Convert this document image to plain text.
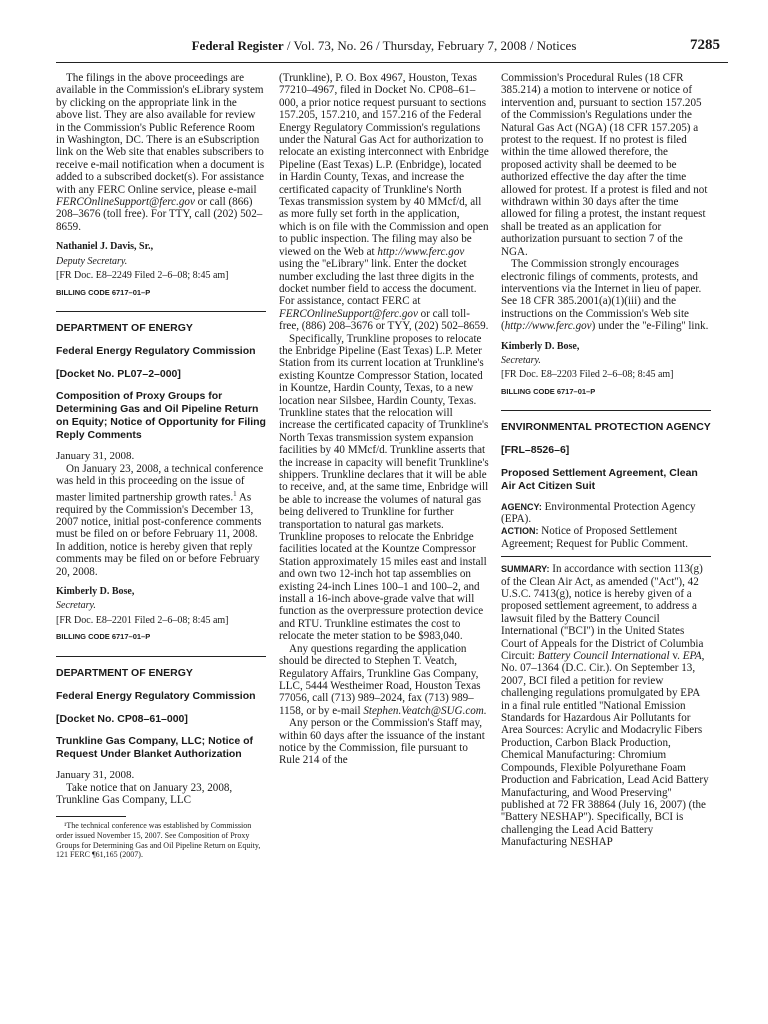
Federal Register / Vol. 73, No. 26 / Thursday, February 7, 2008 / Notices	7285

The filings in the above proceedings are available in the Commission's eLibrary system by clicking on the appropriate link in the above list. They are also available for review in the Commission's Public Reference Room in Washington, DC. There is an eSubscription link on the Web site that enables subscribers to receive e-mail notification when a document is added to a subscribed docket(s). For assistance with any FERC Online service, please e-mail FERCOnlineSupport@ferc.gov or call (866) 208–3676 (toll free). For TTY, call (202) 502–8659.

Nathaniel J. Davis, Sr.,
Deputy Secretary.
[FR Doc. E8–2249 Filed 2–6–08; 8:45 am]
BILLING CODE 6717–01–P
DEPARTMENT OF ENERGY
Federal Energy Regulatory Commission
[Docket No. PL07–2–000]
Composition of Proxy Groups for Determining Gas and Oil Pipeline Return on Equity; Notice of Opportunity for Filing Reply Comments
January 31, 2008.

On January 23, 2008, a technical conference was held in this proceeding on the issue of master limited partnership growth rates.$^1$ As required by the Commission's December 13, 2007 notice, initial post-conference comments must be filed on or before February 11, 2008. In addition, notice is hereby given that reply comments may be filed on or before February 20, 2008.

Kimberly D. Bose,
Secretary.
[FR Doc. E8–2201 Filed 2–6–08; 8:45 am]
BILLING CODE 6717–01–P
DEPARTMENT OF ENERGY
Federal Energy Regulatory Commission
[Docket No. CP08–61–000]
Trunkline Gas Company, LLC; Notice of Request Under Blanket Authorization
January 31, 2008.

Take notice that on January 23, 2008, Trunkline Gas Company, LLC

¹The technical conference was established by Commission order issued November 15, 2007. See Composition of Proxy Groups for Determining Gas and Oil Pipeline Return on Equity, 121 FERC ¶61,165 (2007).

(Trunkline), P. O. Box 4967, Houston, Texas 77210–4967, filed in Docket No. CP08–61–000, a prior notice request pursuant to sections 157.205, 157.210, and 157.216 of the Federal Energy Regulatory Commission's regulations under the Natural Gas Act for authorization to relocate an existing interconnect with Enbridge Pipeline (East Texas) L.P. (Enbridge), located in Hardin County, Texas, and increase the certificated capacity of Trunkline's North Texas transmission system by 40 MMcf/d, all as more fully set forth in the application, which is on file with the Commission and open to public inspection. The filing may also be viewed on the Web at http://www.ferc.gov using the ''eLibrary'' link. Enter the docket number excluding the last three digits in the docket number field to access the document. For assistance, contact FERC at FERCOnlineSupport@ferc.gov or call toll-free, (886) 208–3676 or TYY, (202) 502–8659.

Specifically, Trunkline proposes to relocate the Enbridge Pipeline (East Texas) L.P. Meter Station from its current location at Trunkline's existing Kountze Compressor Station, located in Kountze, Hardin County, Texas, to a new location near Silsbee, Hardin County, Texas. Trunkline states that the relocation will increase the certificated capacity of Trunkline's North Texas transmission system expansion facilities by 40 MMcf/d. Trunkline asserts that the increase in capacity will benefit Trunkline's shippers. Trunkline declares that it will be able to receive, and, at the same time, Enbridge will be able to increase the volumes of natural gas being delivered to Trunkline for further transportation to natural gas markets. Trunkline proposes to relocate the Enbridge facilities located at the Kountze Compressor Station approximately 15 miles east and install and own two 12-inch hot tap assemblies on existing 24-inch Lines 100–1 and 100–2, and install a 16-inch above-grade valve that will function as the overpressure protection device and RTU. Trunkline estimates the cost to relocate the meter station to be $983,040.

Any questions regarding the application should be directed to Stephen T. Veatch, Regulatory Affairs, Trunkline Gas Company, LLC, 5444 Westheimer Road, Houston Texas 77056, call (713) 989–2024, fax (713) 989–1158, or by e-mail Stephen.Veatch@SUG.com.

Any person or the Commission's Staff may, within 60 days after the issuance of the instant notice by the Commission, file pursuant to Rule 214 of the

Commission's Procedural Rules (18 CFR 385.214) a motion to intervene or notice of intervention and, pursuant to section 157.205 of the Commission's Regulations under the Natural Gas Act (NGA) (18 CFR 157.205) a protest to the request. If no protest is filed within the time allowed therefore, the proposed activity shall be deemed to be authorized effective the day after the time allowed for protest. If a protest is filed and not withdrawn within 30 days after the time allowed for filing a protest, the instant request shall be treated as an application for authorization pursuant to section 7 of the NGA.

The Commission strongly encourages electronic filings of comments, protests, and interventions via the Internet in lieu of paper. See 18 CFR 385.2001(a)(1)(iii) and the instructions on the Commission's Web site (http://www.ferc.gov) under the ''e-Filing'' link.

Kimberly D. Bose,
Secretary.
[FR Doc. E8–2203 Filed 2–6–08; 8:45 am]
BILLING CODE 6717–01–P
ENVIRONMENTAL PROTECTION AGENCY
[FRL–8526–6]
Proposed Settlement Agreement, Clean Air Act Citizen Suit

AGENCY: Environmental Protection Agency (EPA).

ACTION: Notice of Proposed Settlement Agreement; Request for Public Comment.

SUMMARY: In accordance with section 113(g) of the Clean Air Act, as amended (''Act''), 42 U.S.C. 7413(g), notice is hereby given of a proposed settlement agreement, to address a lawsuit filed by the Battery Council International (''BCI'') in the United States Court of Appeals for the District of Columbia Circuit: Battery Council International v. EPA, No. 07–1364 (D.C. Cir.). On September 13, 2007, BCI filed a petition for review challenging regulations promulgated by EPA in a final rule entitled ''National Emission Standards for Hazardous Air Pollutants for Area Sources: Acrylic and Modacrylic Fibers Production, Carbon Black Production, Chemical Manufacturing: Chromium Compounds, Flexible Polyurethane Foam Production and Fabrication, Lead Acid Battery Manufacturing, and Wood Preserving'' published at 72 FR 38864 (July 16, 2007) (the ''Battery NESHAP''). Specifically, BCI is challenging the Lead Acid Battery Manufacturing NESHAP
